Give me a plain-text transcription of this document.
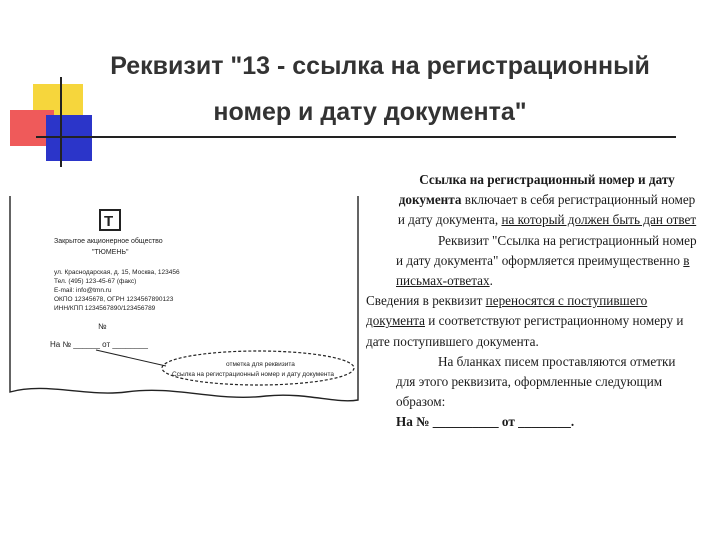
Реквизит "13 - ссылка на регистрационный
номер и дату документа"
Т
Закрытое акционерное общество
"ТЮМЕНЬ"
ул. Краснодарская, д. 15, Москва, 123456
Тел. (495) 123-45-67 (факс)
E-mail: info@tmn.ru
ОКПО 12345678, ОГРН 1234567890123
ИНН/КПП 1234567890/123456789
№
На № ______ от ________
отметка для реквизита
Ссылка на регистрационный номер и дату документа

Ссылка на регистрационный номер и дату документа включает в себя регистрационный номер и дату документа, на который должен быть дан ответ

Реквизит "Ссылка на регистрационный номер и дату документа" оформляется преимущественно в письмах-ответах.

Сведения в реквизит переносятся с поступившего документа и соответствуют регистрационному номеру и дате поступившего документа.

На бланках писем проставляются отметки для этого реквизита, оформленные следующим образом:

На № __________ от ________.
